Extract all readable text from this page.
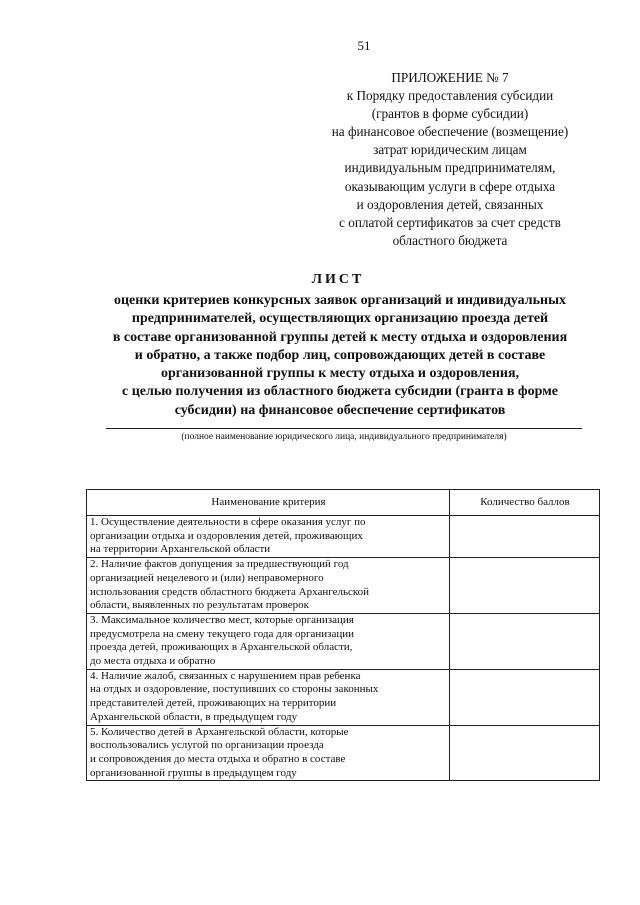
51
ПРИЛОЖЕНИЕ № 7
к Порядку предоставления субсидии
(грантов в форме субсидии)
на финансовое обеспечение (возмещение)
затрат юридическим лицам
индивидуальным предпринимателям,
оказывающим услуги в сфере отдыха
и оздоровления детей, связанных
с оплатой сертификатов за счет средств
областного бюджета
ЛИСТ
оценки критериев конкурсных заявок организаций и индивидуальных
предпринимателей, осуществляющих организацию проезда детей
в составе организованной группы детей к месту отдыха и оздоровления
и обратно, а также подбор лиц, сопровождающих детей в составе
организованной группы к месту отдыха и оздоровления,
с целью получения из областного бюджета субсидии (гранта в форме
субсидии) на финансовое обеспечение сертификатов
(полное наименование юридического лица, индивидуального предпринимателя)
Наименование критерия	Количество баллов

1. Осуществление деятельности в сфере оказания услуг по
организации отдыха и оздоровления детей, проживающих
на территории Архангельской области	

2. Наличие фактов допущения за предшествующий год
организацией нецелевого и (или) неправомерного
использования средств областного бюджета Архангельской
области, выявленных по результатам проверок	

3. Максимальное количество мест, которые организация
предусмотрела на смену текущего года для организации
проезда детей, проживающих в Архангельской области,
до места отдыха и обратно	

4. Наличие жалоб, связанных с нарушением прав ребенка
на отдых и оздоровление, поступивших со стороны законных
представителей детей, проживающих на территории
Архангельской области, в предыдущем году	

5. Количество детей в Архангельской области, которые
воспользовались услугой по организации проезда
и сопровождения до места отдыха и обратно в составе
организованной группы в предыдущем году	
